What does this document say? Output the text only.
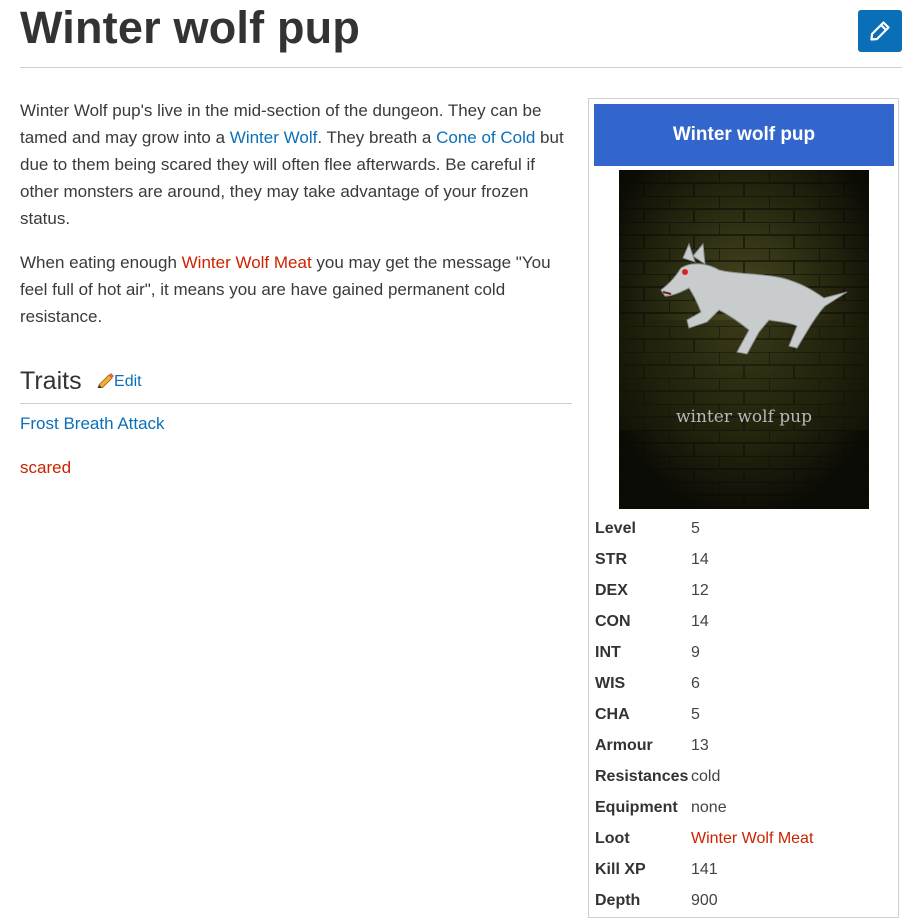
Winter wolf pup

Winter Wolf pup's live in the mid-section of the dungeon. They can be tamed and may grow into a Winter Wolf. They breath a Cone of Cold but due to them being scared they will often flee afterwards. Be careful if other monsters are around, they may take advantage of your frozen status.

When eating enough Winter Wolf Meat you may get the message "You feel full of hot air", it means you are have gained permanent cold resistance.

Traits Edit
Frost Breath Attack
scared
Winter wolf pup
winter wolf pup
Level	5
STR	14
DEX	12
CON	14
INT	9
WIS	6
CHA	5
Armour	13
Resistances	cold
Equipment	none
Loot	Winter Wolf Meat
Kill XP	141
Depth	900
